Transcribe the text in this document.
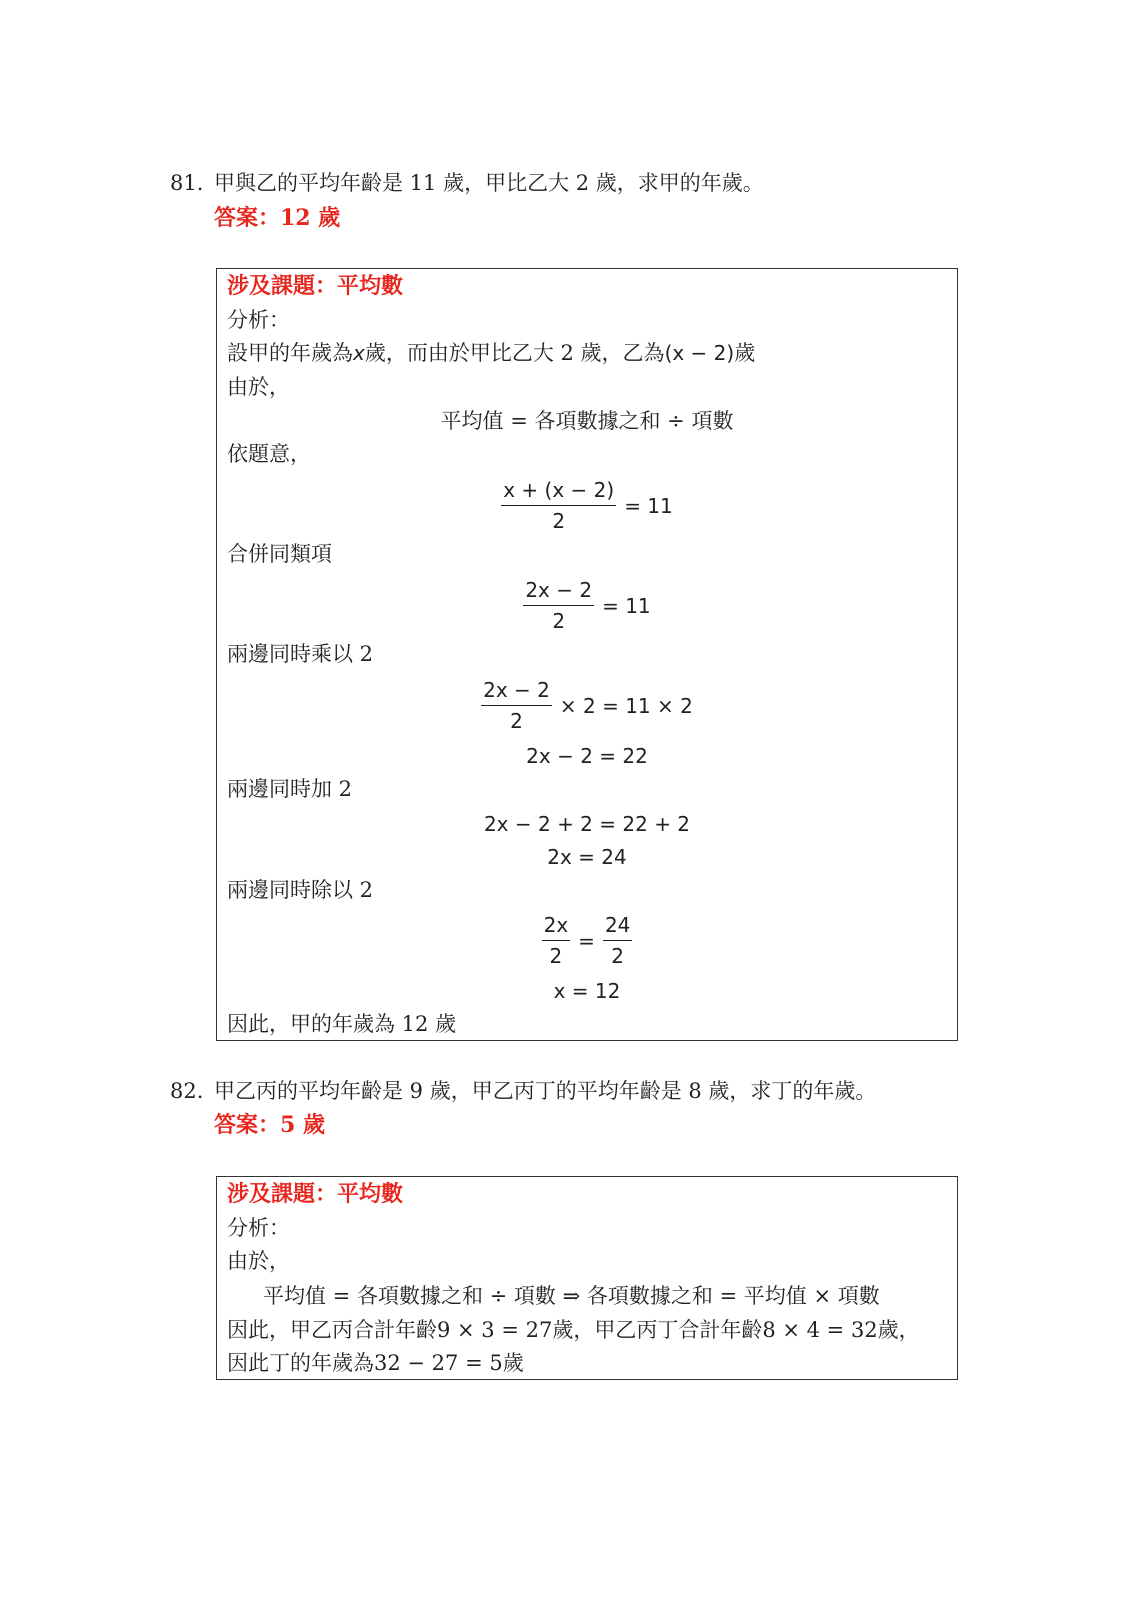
81. 甲與乙的平均年齡是 11 歲，甲比乙大 2 歲，求甲的年歲。
答案：12 歲
涉及課題：平均數
分析：
設甲的年歲為x歲，而由於甲比乙大 2 歲，乙為(x − 2)歲
由於，
平均值 = 各項數據之和 ÷ 項數
依題意，
$\frac{x + (x - 2)}{2} = 11$
合併同類項
$\frac{2x - 2}{2} = 11$
兩邊同時乘以 2
$\frac{2x - 2}{2} \times 2 = 11 \times 2$
2x − 2 = 22
兩邊同時加 2
2x − 2 + 2 = 22 + 2
2x = 24
兩邊同時除以 2
$\frac{2x}{2} = \frac{24}{2}$
x = 12
因此，甲的年歲為 12 歲
82. 甲乙丙的平均年齡是 9 歲，甲乙丙丁的平均年齡是 8 歲，求丁的年歲。
答案：5 歲
涉及課題：平均數
分析：
由於，
平均值 = 各項數據之和 ÷ 項數 ⇒ 各項數據之和 = 平均值 × 項數
因此，甲乙丙合計年齡9 × 3 = 27歲，甲乙丙丁合計年齡8 × 4 = 32歲，
因此丁的年歲為32 − 27 = 5歲
